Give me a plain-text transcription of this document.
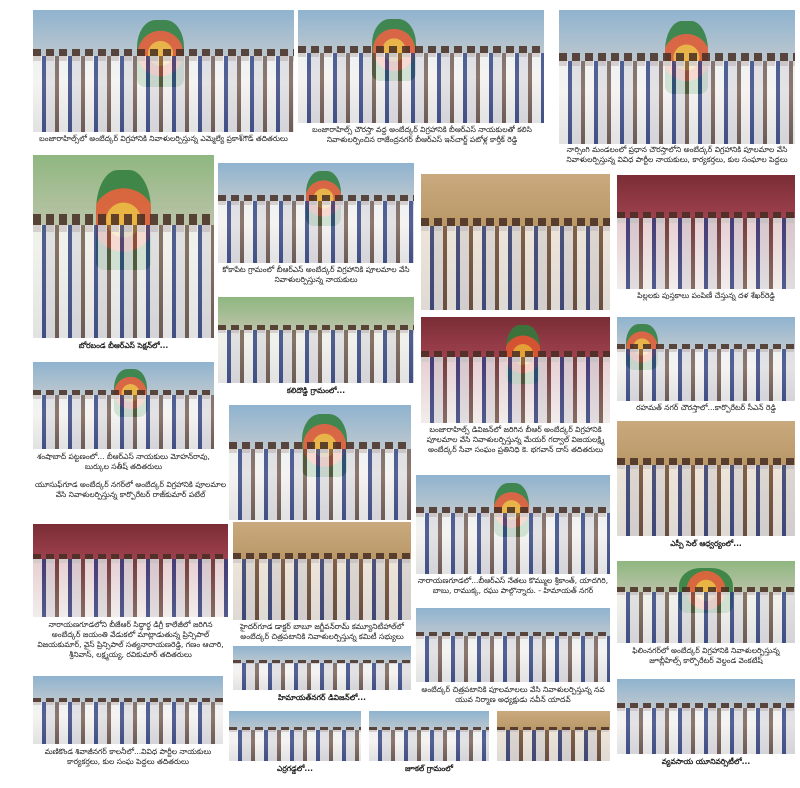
బంజారాహిల్స్‌లో అంబేద్కర్ విగ్రహానికి నివాళులర్పిస్తున్న ఎమ్మెల్యే ప్రకాశ్‌గౌడ్ తదితరులు

బంజారాహిల్స్ చౌరస్తా వద్ద అంబేద్కర్ విగ్రహానికి బీఆర్ఎస్ నాయకులతో కలిసి నివాళులర్పించిన రాజేంద్రనగర్ బీఆర్ఎస్ ఇన్‌చార్జ్ పటోళ్ల కార్తీక్ రెడ్డి

నార్సింగి మండలంలో ప్రధాన చౌరస్తాలోని అంబేద్కర్ విగ్రహానికి పూలమాల వేసి నివాళులర్పిస్తున్న వివిధ పార్టీల నాయకులు, కార్యకర్తలు, కుల సంఘాల పెద్దలు

బోరబండ బీఆర్ఎస్ సెక్షన్‌లో...

కోకాపేట గ్రామంలో బీఆర్ఎస్ అంబేద్కర్ విగ్రహానికి పూలమాల వేసి నివాళులర్పిస్తున్న నాయకులు

పిల్లలకు పుస్తకాలు పంపిణీ చేస్తున్న దళ శేఖర్‌రెడ్డి

కలిదొడ్డి గ్రామంలో...

రహమత్ నగర్ చౌరస్తాలో...కార్పొరేటర్ సీఎన్ రెడ్డి

శంషాబాద్ పట్టణంలో... బీఆర్ఎస్ నాయకులు మోహన్‌రావు, బుర్కుల సతీష్ తదితరులు

బంజారాహిల్స్ డివిజన్‌లో జరిగిన బీఆర్ అంబేద్కర్ విగ్రహానికి పూలమాల వేసి నివాళులర్పిస్తున్న మేయర్ గద్వాల్ విజయలక్ష్మి అంబేద్కర్ సేవా సంఘం ప్రతినిధి కె. భగవాన్ దాస్ తదితరులు

యూసుఫ్‌గూడ అంబేద్కర్ నగర్‌లో అంబేద్కర్ విగ్రహానికి పూలమాల వేసి నివాళులర్పిస్తున్న కార్పొరేటర్ రాజ్‌కుమార్ పటేల్

ఎస్పీ సెల్ ఆధ్వర్యంలో...

నారాయణగూడలో...బీఆర్ఎస్ నేతలు కొమ్ముల శ్రీకాంత్, యాదగిరి, బాబు, రాముక్క, రఘు పాల్గొన్నారు. - హిమాయత్ నగర్

ఫిలింనగర్‌లో అంబేద్కర్ విగ్రహానికి నివాళులర్పిస్తున్న జూబ్లీహిల్స్ కార్పొరేటర్ వెల్దండ వెంకటేష్

నారాయణగూడలోని బీజేఆర్ సిద్ధార్థ డిగ్రీ కాలేజీలో జరిగిన అంబేద్కర్ జయంతి వేడుకలో మాట్లాడుతున్న ప్రిన్సిపాల్ విజయకుమార్, వైస్ ప్రిన్సిపాల్ సత్యనారాయణరెడ్డి, గణం ఆచారి, శ్రీనివాస్, లక్ష్మయ్య, రవికుమార్ తదితరులు

హైదర్‌గూడ డాక్టర్ బాబూ జగ్జీవన్‌రామ్ కమ్యూనిటీహాల్‌లో అంబేద్కర్ చిత్రపటానికి నివాళులర్పిస్తున్న కమిటీ సభ్యులు

హిమాయత్‌నగర్ డివిజన్‌లో...

అంబేద్కర్ చిత్రపటానికి పూలమాలలు వేసి నివాళులర్పిస్తున్న నవ యువ నిర్మాణ అధ్యక్షుడు నవీన్ యాదవ్

మణికొండ శివాజీనగర్ కాలనీలో...వివిధ పార్టీల నాయకులు కార్యకర్తలు, కుల సంఘ పెద్దలు తదితరులు	వ్యవసాయ యూనివర్సిటీలో...

ఎర్రగడ్డలో...	జూకల్ గ్రామంలో
